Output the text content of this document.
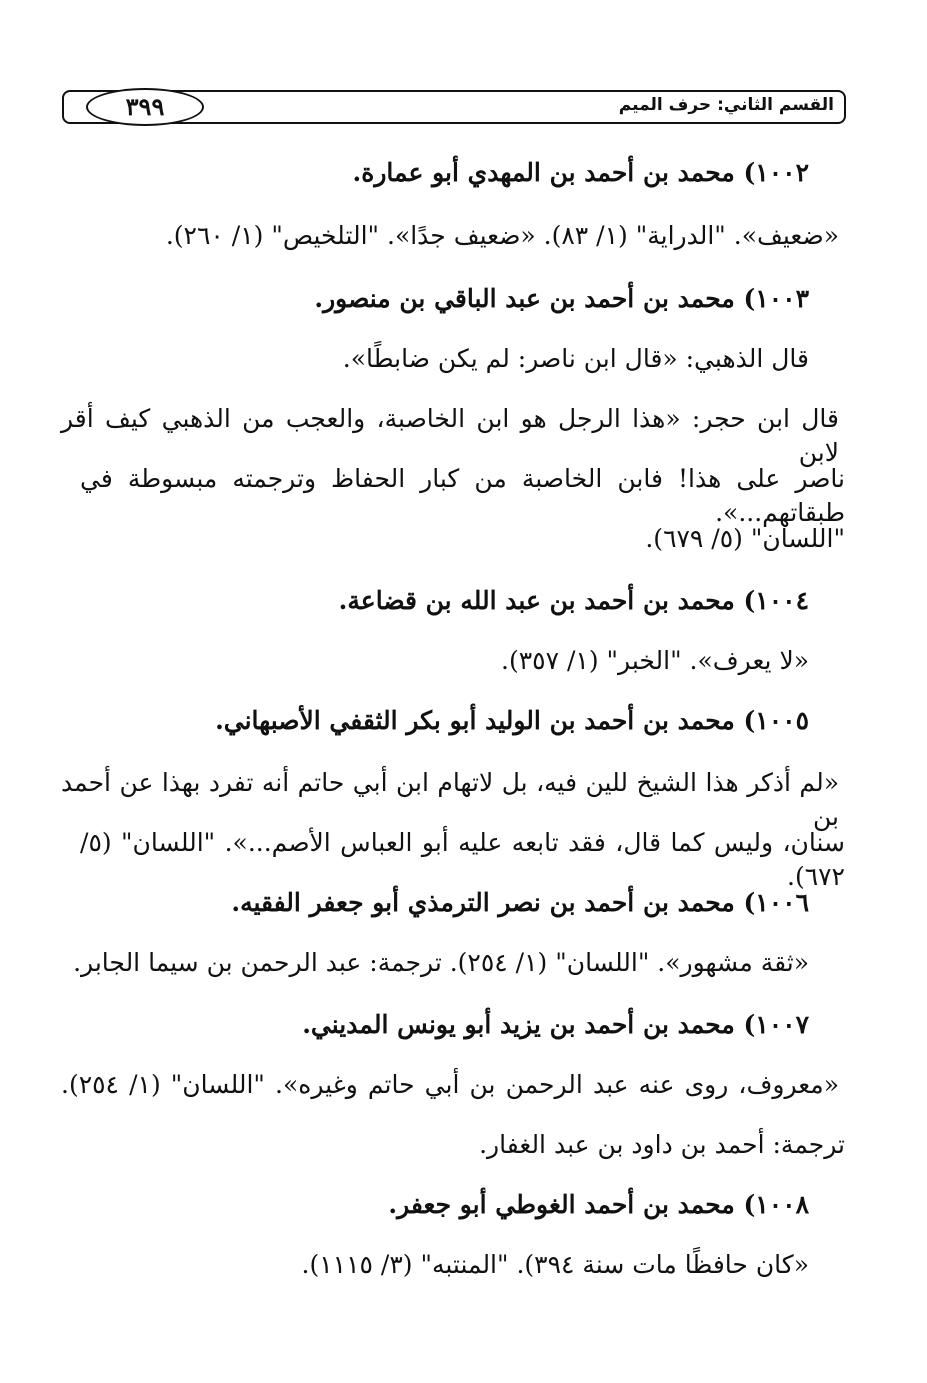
القسم الثاني: حرف الميم
٣٩٩
١٠٠٢) محمد بن أحمد بن المهدي أبو عمارة.
«ضعيف». "الدراية" (١/ ٨٣). «ضعيف جدًا». "التلخيص" (١/ ٢٦٠).
١٠٠٣) محمد بن أحمد بن عبد الباقي بن منصور.
قال الذهبي: «قال ابن ناصر: لم يكن ضابطًا».
قال ابن حجر: «هذا الرجل هو ابن الخاصبة، والعجب من الذهبي كيف أقر لابن
ناصر على هذا! فابن الخاصبة من كبار الحفاظ وترجمته مبسوطة في طبقاتهم...».
"اللسان" (٥/ ٦٧٩).
١٠٠٤) محمد بن أحمد بن عبد الله بن قضاعة.
«لا يعرف». "الخبر" (١/ ٣٥٧).
١٠٠٥) محمد بن أحمد بن الوليد أبو بكر الثقفي الأصبهاني.
«لم أذكر هذا الشيخ للين فيه، بل لاتهام ابن أبي حاتم أنه تفرد بهذا عن أحمد بن
سنان، وليس كما قال، فقد تابعه عليه أبو العباس الأصم...». "اللسان" (٥/ ٦٧٢).
١٠٠٦) محمد بن أحمد بن نصر الترمذي أبو جعفر الفقيه.
«ثقة مشهور». "اللسان" (١/ ٢٥٤). ترجمة: عبد الرحمن بن سيما الجابر.
١٠٠٧) محمد بن أحمد بن يزيد أبو يونس المديني.
«معروف، روى عنه عبد الرحمن بن أبي حاتم وغيره». "اللسان" (١/ ٢٥٤).
ترجمة: أحمد بن داود بن عبد الغفار.
١٠٠٨) محمد بن أحمد الغوطي أبو جعفر.
«كان حافظًا مات سنة ٣٩٤). "المنتبه" (٣/ ١١١٥).
